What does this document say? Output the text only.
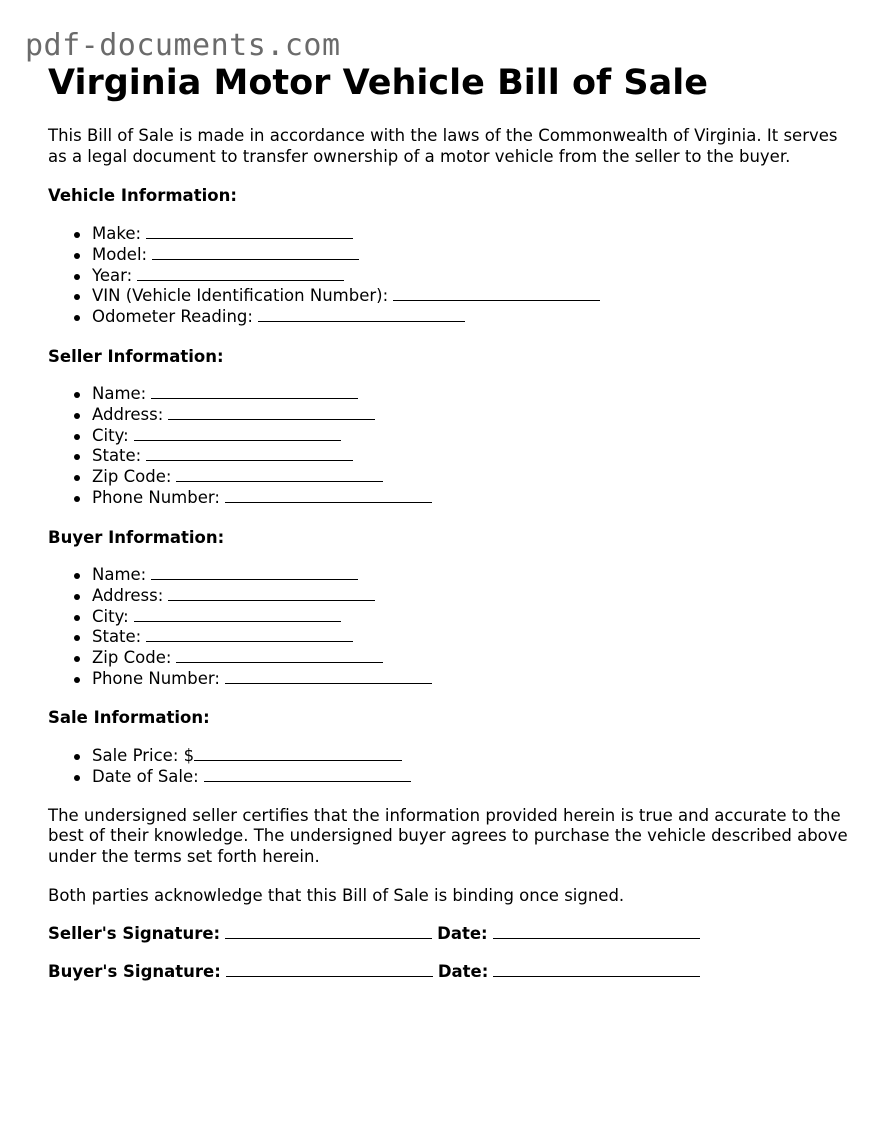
pdf-documents.com
Virginia Motor Vehicle Bill of Sale

This Bill of Sale is made in accordance with the laws of the Commonwealth of Virginia. It serves as a legal document to transfer ownership of a motor vehicle from the seller to the buyer.

Vehicle Information:
Make:
Model:
Year:
VIN (Vehicle Identification Number):
Odometer Reading:
Seller Information:
Name:
Address:
City:
State:
Zip Code:
Phone Number:
Buyer Information:
Name:
Address:
City:
State:
Zip Code:
Phone Number:
Sale Information:
Sale Price: $
Date of Sale:

The undersigned seller certifies that the information provided herein is true and accurate to the best of their knowledge. The undersigned buyer agrees to purchase the vehicle described above under the terms set forth herein.

Both parties acknowledge that this Bill of Sale is binding once signed.

Seller's Signature:	Date:
Buyer's Signature:	Date:
